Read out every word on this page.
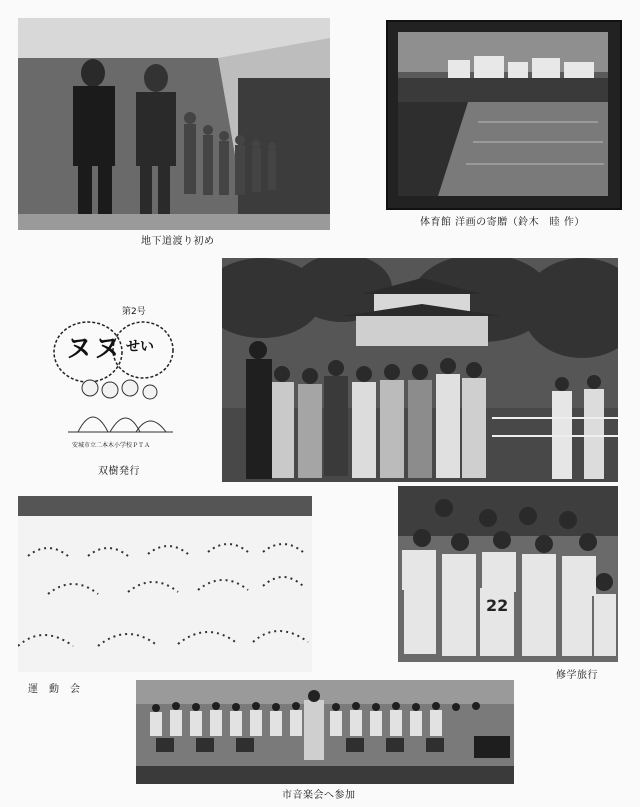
地下道渡り初め
体育館 洋画の寄贈（鈴木　睦 作）
第2号
ヌヌ せい
安城市立二本木小学校ＰＴＡ
双樹発行
運　動　会
22
修学旅行
市音楽会へ参加
